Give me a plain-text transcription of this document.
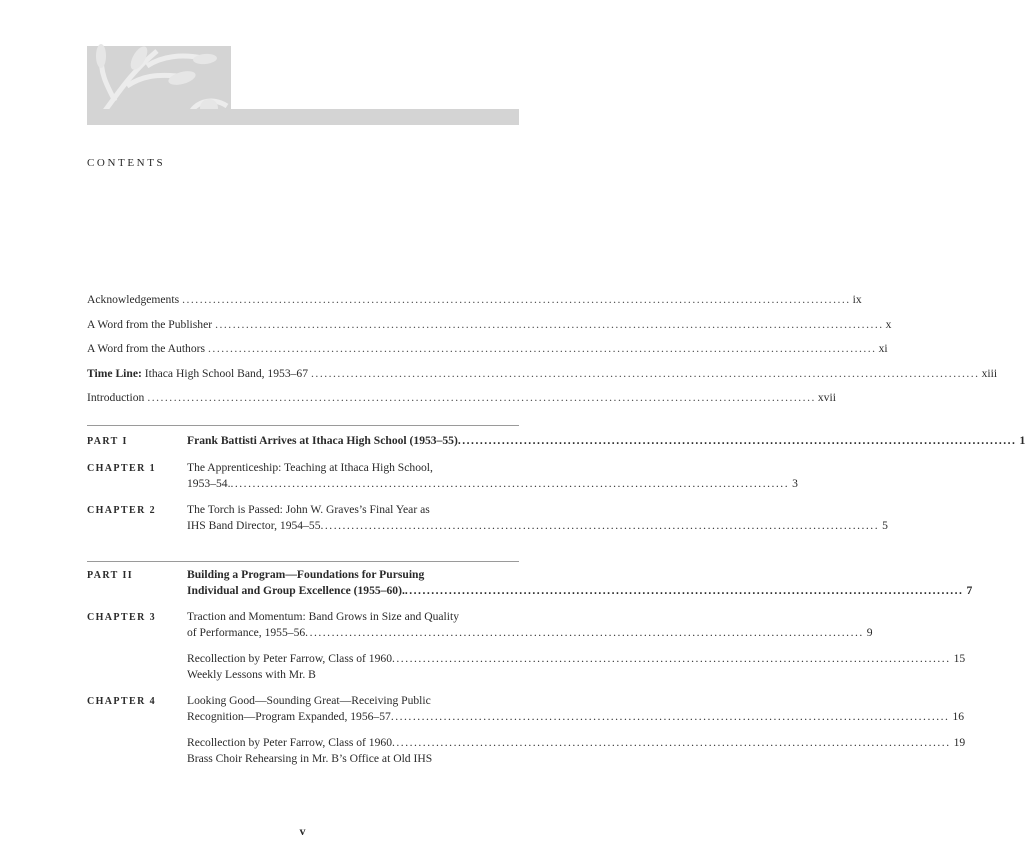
CONTENTS
Acknowledgements .....	ix
A Word from the Publisher .....	x
A Word from the Authors .....	xi
Time Line: Ithaca High School Band, 1953–67 .....	xiii
Introduction .....	xvii
PART I	Frank Battisti Arrives at Ithaca High School (1953–55) .....	1
CHAPTER 1	The Apprenticeship: Teaching at Ithaca High School,
1953–54. .....	3
CHAPTER 2	The Torch is Passed: John W. Graves’s Final Year as
IHS Band Director, 1954–55 .....	5
PART II	Building a Program—Foundations for Pursuing
Individual and Group Excellence (1955–60). .....	7
CHAPTER 3	Traction and Momentum: Band Grows in Size and Quality
of Performance, 1955–56 .....	9
Recollection by Peter Farrow, Class of 1960 .....	15
Weekly Lessons with Mr. B
CHAPTER 4	Looking Good—Sounding Great—Receiving Public
Recognition—Program Expanded, 1956–57 .....	16
Recollection by Peter Farrow, Class of 1960 .....	19
Brass Choir Rehearsing in Mr. B’s Office at Old IHS
v
